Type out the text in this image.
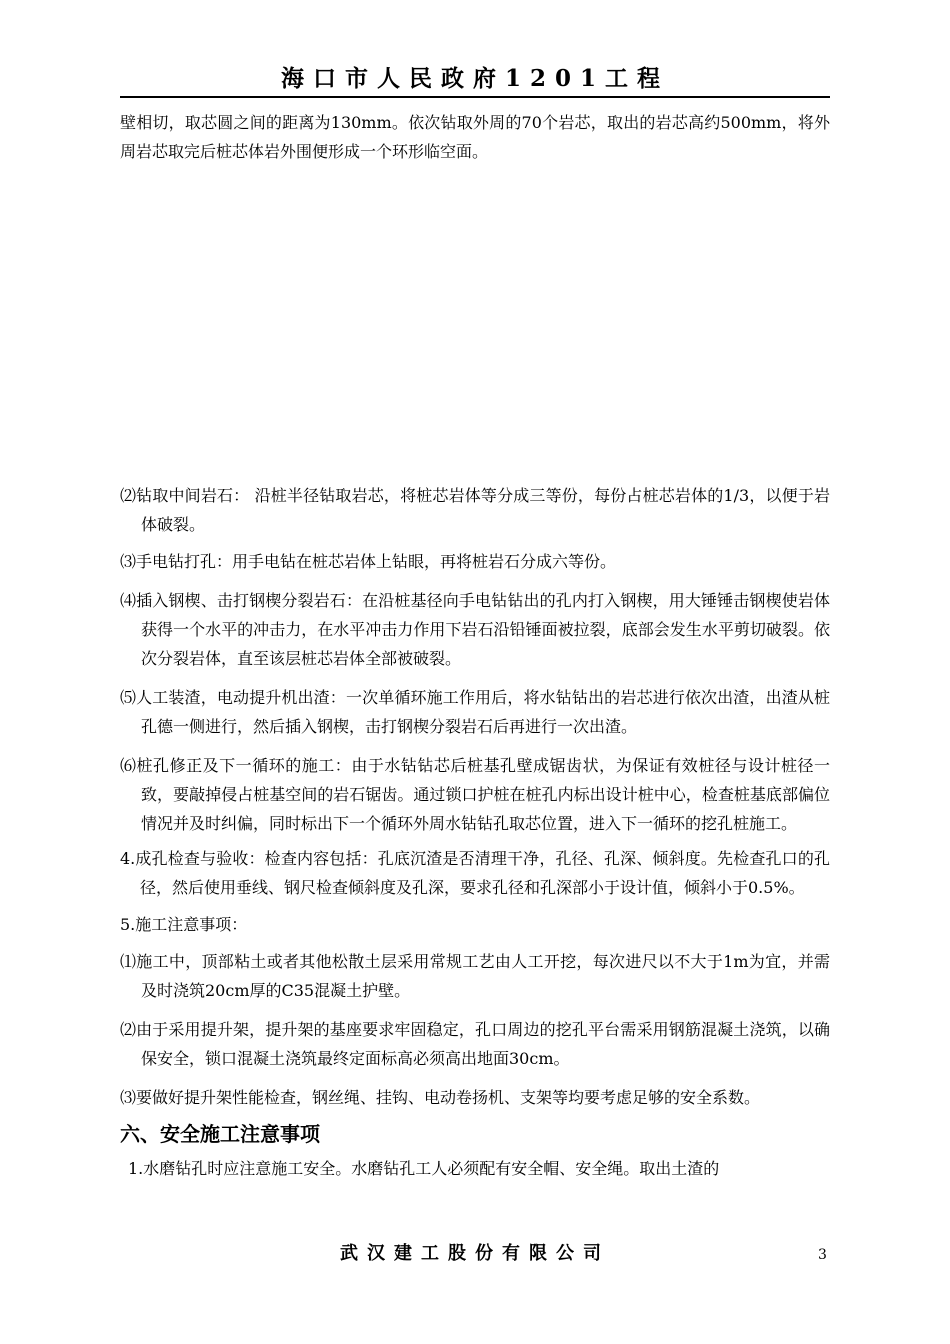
海口市人民政府1201工程

壁相切，取芯圆之间的距离为130mm。依次钻取外周的70个岩芯，取出的岩芯高约500mm，将外周岩芯取完后桩芯体岩外围便形成一个环形临空面。

⑵钻取中间岩石： 沿桩半径钻取岩芯，将桩芯岩体等分成三等份，每份占桩芯岩体的1/3，以便于岩体破裂。

⑶手电钻打孔：用手电钻在桩芯岩体上钻眼，再将桩岩石分成六等份。

⑷插入钢楔、击打钢楔分裂岩石：在沿桩基径向手电钻钻出的孔内打入钢楔，用大锤锤击钢楔使岩体获得一个水平的冲击力，在水平冲击力作用下岩石沿铅锤面被拉裂，底部会发生水平剪切破裂。依次分裂岩体，直至该层桩芯岩体全部被破裂。

⑸人工装渣，电动提升机出渣：一次单循环施工作用后，将水钻钻出的岩芯进行依次出渣，出渣从桩孔德一侧进行，然后插入钢楔，击打钢楔分裂岩石后再进行一次出渣。

⑹桩孔修正及下一循环的施工：由于水钻钻芯后桩基孔壁成锯齿状，为保证有效桩径与设计桩径一致，要敲掉侵占桩基空间的岩石锯齿。通过锁口护桩在桩孔内标出设计桩中心，检查桩基底部偏位情况并及时纠偏，同时标出下一个循环外周水钻钻孔取芯位置，进入下一循环的挖孔桩施工。

4.成孔检查与验收：检查内容包括：孔底沉渣是否清理干净，孔径、孔深、倾斜度。先检查孔口的孔径，然后使用垂线、钢尺检查倾斜度及孔深，要求孔径和孔深部小于设计值，倾斜小于0.5%。

5.施工注意事项：

⑴施工中，顶部粘土或者其他松散土层采用常规工艺由人工开挖，每次进尺以不大于1m为宜，并需及时浇筑20cm厚的C35混凝土护壁。

⑵由于采用提升架，提升架的基座要求牢固稳定，孔口周边的挖孔平台需采用钢筋混凝土浇筑，以确保安全，锁口混凝土浇筑最终定面标高必须高出地面30cm。

⑶要做好提升架性能检查，钢丝绳、挂钩、电动卷扬机、支架等均要考虑足够的安全系数。

六、安全施工注意事项

1.水磨钻孔时应注意施工安全。水磨钻孔工人必须配有安全帽、安全绳。取出土渣的

武汉建工股份有限公司	3
